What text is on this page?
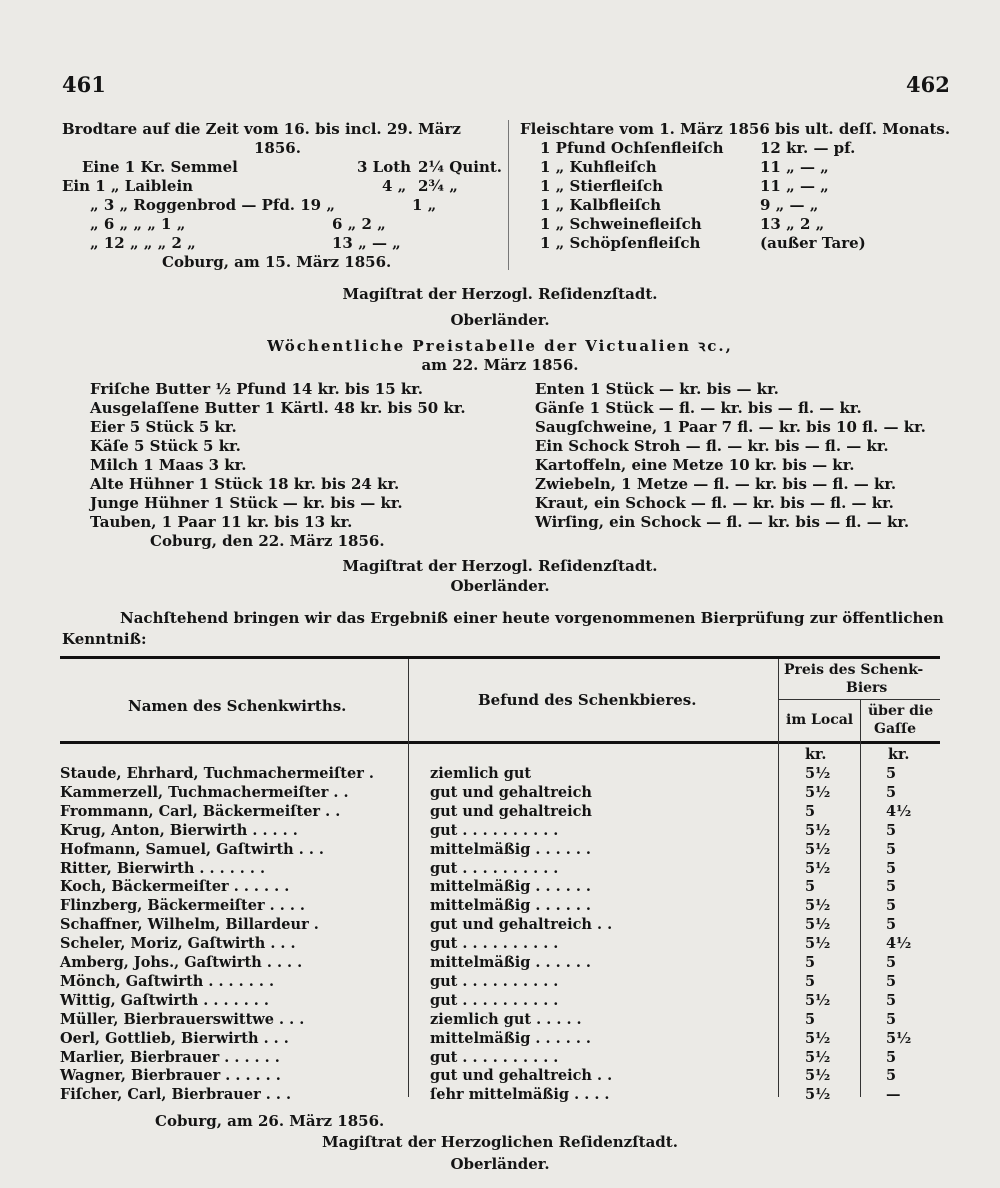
461	462
Brodtare auf die Zeit vom 16. bis incl. 29. März
1856.
Eine 1 Kr. Semmel	3 Loth 2¼ Quint.
Ein 1 „ Laiblein	4 „ 2¾ „
„ 3 „ Roggenbrod — Pfd. 19 „	1 „
„ 6 „ „ „ 1 „	6 „ 2 „
„ 12 „ „ „ 2 „	13 „ — „
Coburg, am 15. März 1856.
Fleischtare vom 1. März 1856 bis ult. deſſ. Monats.
1 Pfund Ochſenfleiſch 12 kr. — pf.
1 „ Kuhfleiſch	11 „ — „
1 „ Stierfleiſch	11 „ — „
1 „ Kalbfleiſch	9 „ — „
1 „ Schweinefleiſch	13 „ 2 „
1 „ Schöpſenfleiſch	(außer Tare)
Magiſtrat der Herzogl. Reſidenzſtadt.
Oberländer.
Wöchentliche Preistabelle der Victualien ꝛc.,
am 22. März 1856.
Friſche Butter ½ Pfund 14 kr. bis 15 kr.
Ausgelaſſene Butter 1 Kärtl. 48 kr. bis 50 kr.
Eier 5 Stück 5 kr.
Käſe 5 Stück 5 kr.
Milch 1 Maas 3 kr.
Alte Hühner 1 Stück 18 kr. bis 24 kr.
Junge Hühner 1 Stück — kr. bis — kr.
Tauben, 1 Paar 11 kr. bis 13 kr.
Coburg, den 22. März 1856.
Enten 1 Stück — kr. bis — kr.
Gänſe 1 Stück — fl. — kr. bis — fl. — kr.
Saugſchweine, 1 Paar 7 fl. — kr. bis 10 fl. — kr.
Ein Schock Stroh — fl. — kr. bis — fl. — kr.
Kartoffeln, eine Metze 10 kr. bis — kr.
Zwiebeln, 1 Metze — fl. — kr. bis — fl. — kr.
Kraut, ein Schock — fl. — kr. bis — fl. — kr.
Wirſing, ein Schock — fl. — kr. bis — fl. — kr.
Magiſtrat der Herzogl. Reſidenzſtadt.
Oberländer.
Nachſtehend bringen wir das Ergebniß einer heute vorgenommenen Bierprüfung zur öffentlichen
Kenntniß:
Namen des Schenkwirths.	Befund des Schenkbieres.
Preis des Schenk-
Biers
im Local
über die
Gaſſe
kr.	kr.
Staude, Ehrhard, Tuchmachermeiſter .	ziemlich gut	5½	5
Kammerzell, Tuchmachermeiſter . .	gut und gehaltreich	5½	5
Frommann, Carl, Bäckermeiſter . .	gut und gehaltreich	5	4½
Krug, Anton, Bierwirth . . . . .	gut . . . . . . . . . .	5½	5
Hofmann, Samuel, Gaſtwirth . . .	mittelmäßig . . . . . .	5½	5
Ritter, Bierwirth . . . . . . .	gut . . . . . . . . . .	5½	5
Koch, Bäckermeiſter . . . . . .	mittelmäßig . . . . . .	5	5
Flinzberg, Bäckermeiſter . . . .	mittelmäßig . . . . . .	5½	5
Schaffner, Wilhelm, Billardeur .	gut und gehaltreich . .	5½	5
Scheler, Moriz, Gaſtwirth . . .	gut . . . . . . . . . .	5½	4½
Amberg, Johs., Gaſtwirth . . . .	mittelmäßig . . . . . .	5	5
Mönch, Gaſtwirth . . . . . . .	gut . . . . . . . . . .	5	5
Wittig, Gaſtwirth . . . . . . .	gut . . . . . . . . . .	5½	5
Müller, Bierbrauerswittwe . . .	ziemlich gut . . . . .	5	5
Oerl, Gottlieb, Bierwirth . . .	mittelmäßig . . . . . .	5½	5½
Marlier, Bierbrauer . . . . . .	gut . . . . . . . . . .	5½	5
Wagner, Bierbrauer . . . . . .	gut und gehaltreich . .	5½	5
Fiſcher, Carl, Bierbrauer . . .	ſehr mittelmäßig . . . .	5½	—
Coburg, am 26. März 1856.
Magiſtrat der Herzoglichen Reſidenzſtadt.
Oberländer.
